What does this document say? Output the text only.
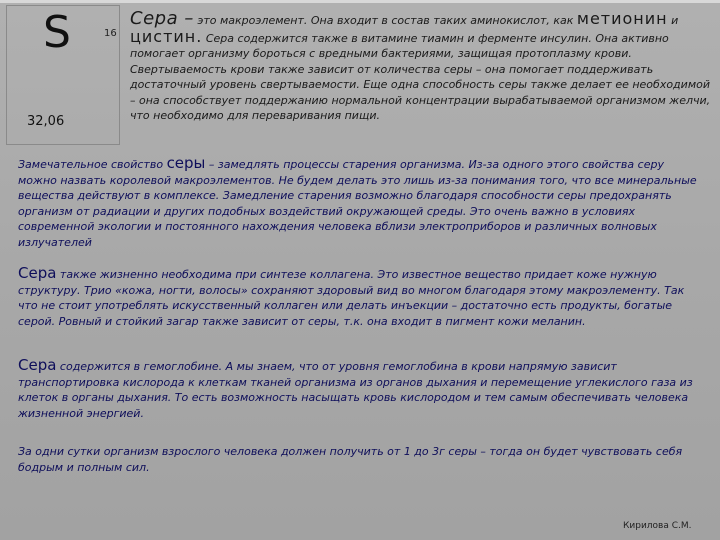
S	16
32,06
Сера – это макроэлемент. Она входит в состав таких аминокислот, как метионин и цистин. Сера содержится также в витамине тиамин и ферменте инсулин. Она активно помогает организму бороться с вредными бактериями, защищая протоплазму крови. Свертываемость крови также зависит от количества серы – она помогает поддерживать достаточный уровень свертываемости. Еще одна способность серы также делает ее необходимой – она способствует поддержанию нормальной концентрации вырабатываемой организмом желчи, что необходимо для переваривания пищи.
Замечательное свойство серы – замедлять процессы старения организма. Из-за одного этого свойства серу можно назвать королевой макроэлементов. Не будем делать это лишь из-за понимания того, что все минеральные вещества действуют в комплексе. Замедление старения возможно благодаря способности серы предохранять организм от радиации и других подобных воздействий окружающей среды. Это очень важно в условиях современной экологии и постоянного нахождения человека вблизи электроприборов и различных волновых излучателей
Сера также жизненно необходима при синтезе коллагена. Это известное вещество придает коже нужную структуру. Трио «кожа, ногти, волосы» сохраняют здоровый вид во многом благодаря этому макроэлементу. Так что не стоит употреблять искусственный коллаген или делать инъекции – достаточно есть продукты, богатые серой. Ровный и стойкий загар также зависит от серы, т.к. она входит в пигмент кожи меланин.
Сера содержится в гемоглобине. А мы знаем, что от уровня гемоглобина в крови напрямую зависит транспортировка кислорода к клеткам тканей организма из органов дыхания и перемещение углекислого газа из клеток в органы дыхания. То есть возможность насыщать кровь кислородом и тем самым обеспечивать человека жизненной энергией.
За одни сутки организм взрослого человека должен получить от 1 до 3г серы – тогда он будет чувствовать себя бодрым и полным сил.
Кирилова С.М.
